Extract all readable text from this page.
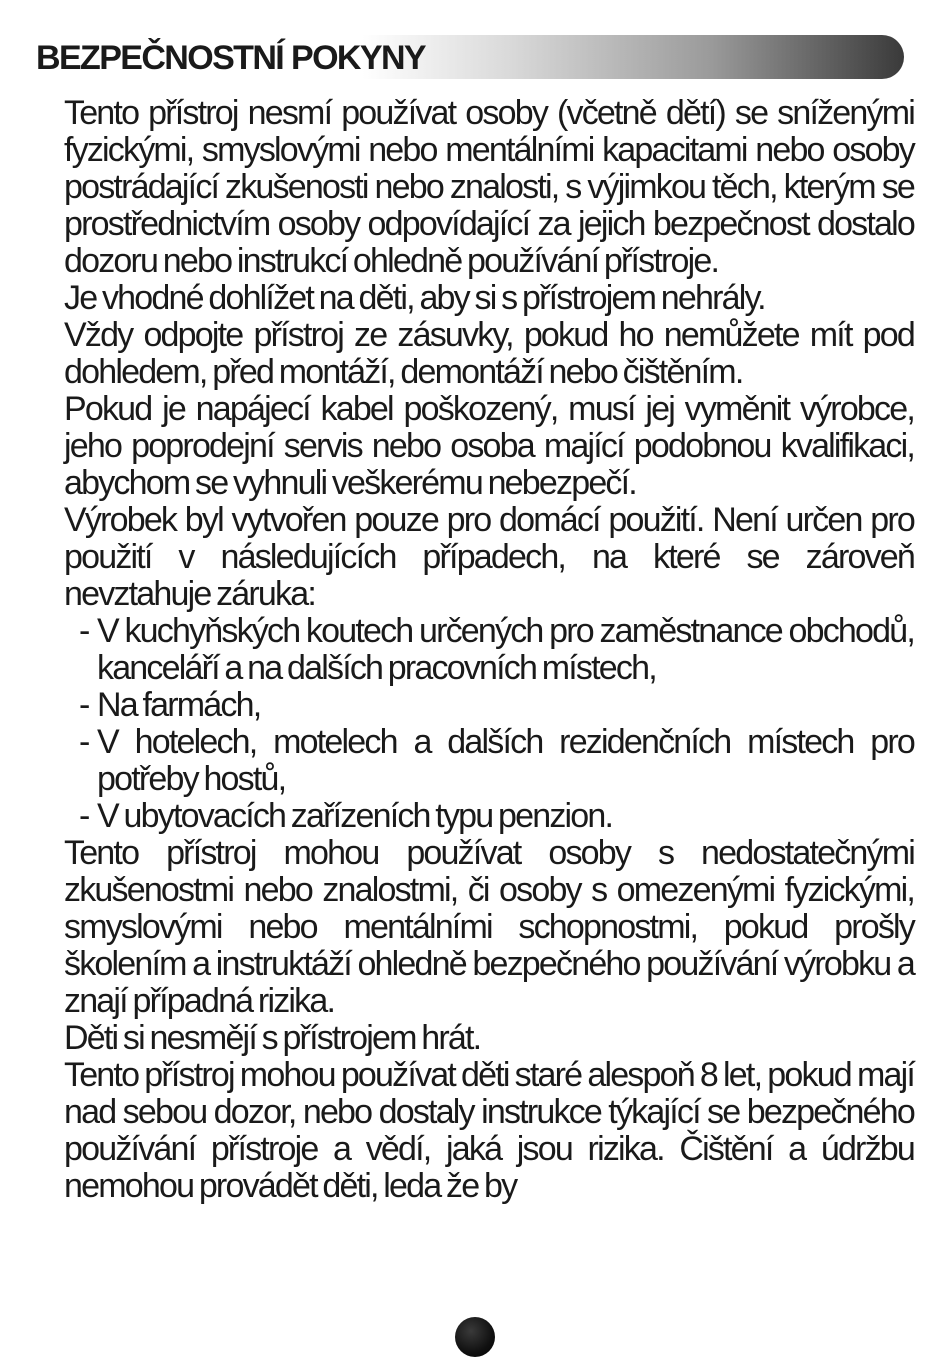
BEZPEČNOSTNÍ POKYNY

Tento přístroj nesmí používat osoby (včetně dětí) se sníženými fyzickými, smyslovými nebo mentálními kapacitami nebo osoby postrádající zkušenosti nebo znalosti, s výjimkou těch, kterým se prostřednictvím osoby odpovídající za jejich bezpečnost dostalo dozoru nebo instrukcí ohledně používání přístroje.

Je vhodné dohlížet na děti, aby si s přístrojem nehrály.

Vždy odpojte přístroj ze zásuvky, pokud ho nemůžete mít pod dohledem, před montáží, demontáží nebo čištěním.

Pokud je napájecí kabel poškozený, musí jej vyměnit výrobce, jeho poprodejní servis nebo osoba mající podobnou kvalifikaci, abychom se vyhnuli veškerému nebezpečí.

Výrobek byl vytvořen pouze pro domácí použití. Není určen pro použití v následujících případech, na které se zároveň nevztahuje záruka:

- V kuchyňských koutech určených pro zaměstnance obchodů, kanceláří a na dalších pracovních místech,
- Na farmách,
- V hotelech, motelech a dalších rezidenčních místech pro potřeby hostů,
- V ubytovacích zařízeních typu penzion.

Tento přístroj mohou používat osoby s nedostatečnými zkušenostmi nebo znalostmi, či osoby s omezenými fyzickými, smyslovými nebo mentálními schopnostmi, pokud prošly školením a instruktáží ohledně bezpečného používání výrobku a znají případná rizika.

Děti si nesmějí s přístrojem hrát.

Tento přístroj mohou používat děti staré alespoň 8 let, pokud mají nad sebou dozor, nebo dostaly instrukce týkající se bezpečného používání přístroje a vědí, jaká jsou rizika. Čištění a údržbu nemohou provádět děti, leda že by
